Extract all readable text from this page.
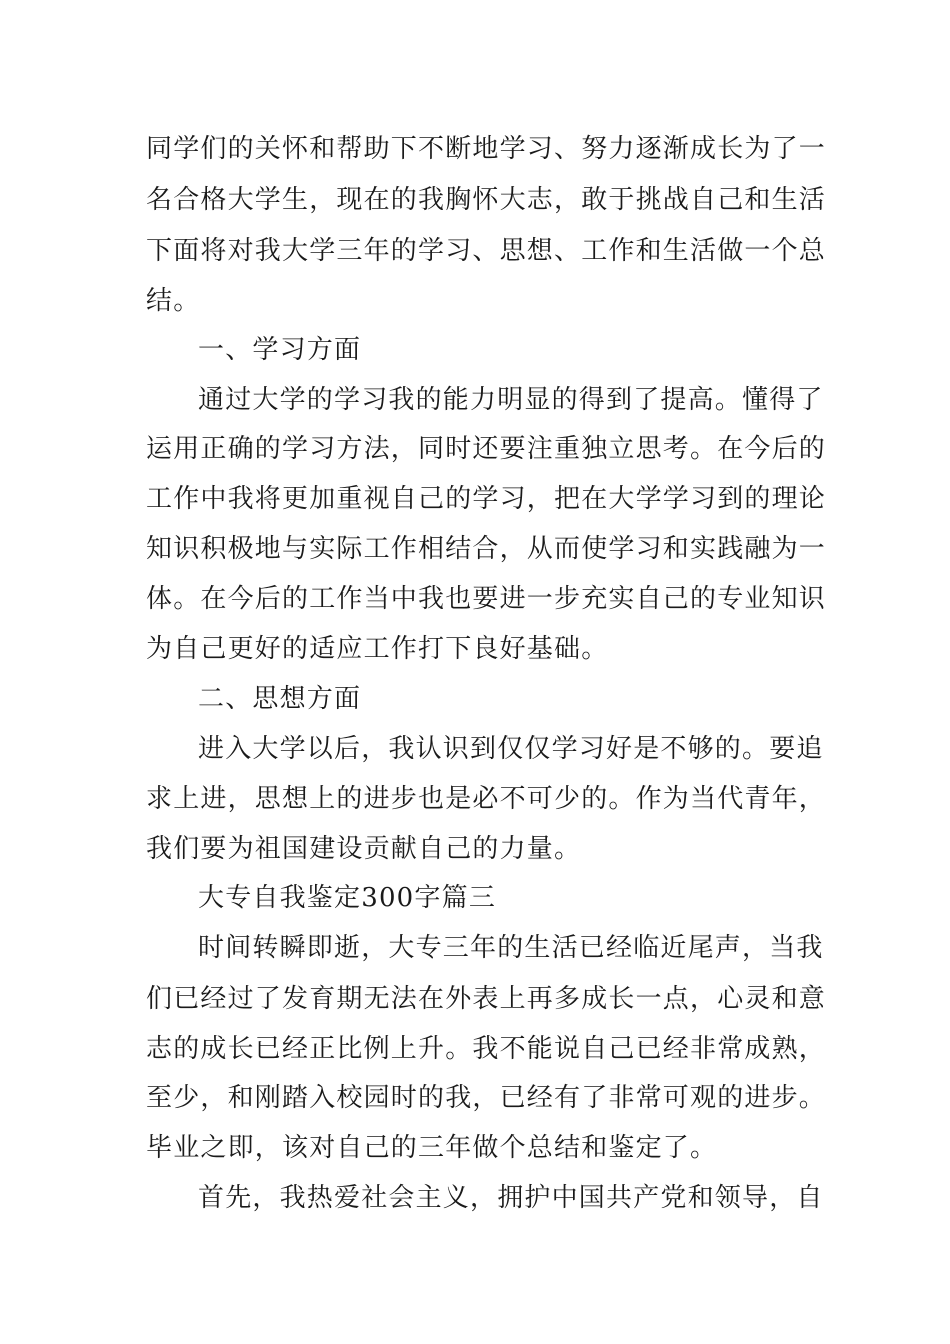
同学们的关怀和帮助下不断地学习、努力逐渐成长为了一
名合格大学生，现在的我胸怀大志，敢于挑战自己和生活
下面将对我大学三年的学习、思想、工作和生活做一个总
结。
一、学习方面
通过大学的学习我的能力明显的得到了提高。懂得了
运用正确的学习方法，同时还要注重独立思考。在今后的
工作中我将更加重视自己的学习，把在大学学习到的理论
知识积极地与实际工作相结合，从而使学习和实践融为一
体。在今后的工作当中我也要进一步充实自己的专业知识
为自己更好的适应工作打下良好基础。
二、思想方面
进入大学以后，我认识到仅仅学习好是不够的。要追
求上进，思想上的进步也是必不可少的。作为当代青年，
我们要为祖国建设贡献自己的力量。
大专自我鉴定300字篇三
时间转瞬即逝，大专三年的生活已经临近尾声，当我
们已经过了发育期无法在外表上再多成长一点，心灵和意
志的成长已经正比例上升。我不能说自己已经非常成熟，
至少，和刚踏入校园时的我，已经有了非常可观的进步。
毕业之即，该对自己的三年做个总结和鉴定了。
首先，我热爱社会主义，拥护中国共产党和领导，自
